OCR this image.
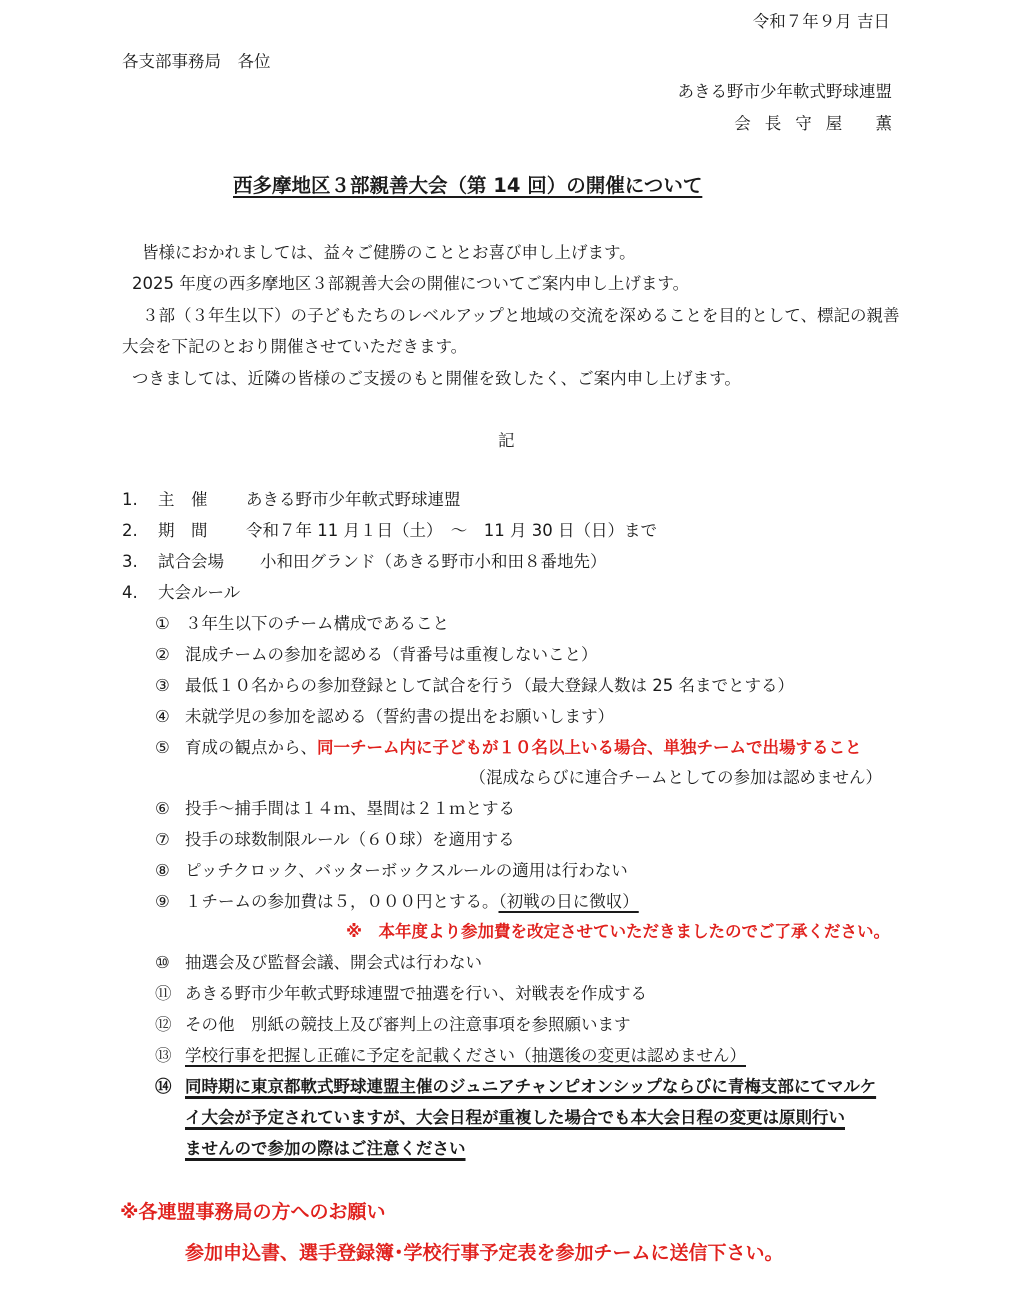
令和７年９月 吉日
各支部事務局　各位
あきる野市少年軟式野球連盟
会長守屋 薫
西多摩地区３部親善大会（第 14 回）の開催について
皆様におかれましては、益々ご健勝のこととお喜び申し上げます。
2025 年度の西多摩地区３部親善大会の開催についてご案内申し上げます。
３部（３年生以下）の子どもたちのレベルアップと地域の交流を深めることを目的として、標記の親善
大会を下記のとおり開催させていただきます。
つきましては、近隣の皆様のご支援のもと開催を致したく、ご案内申し上げます。
記
1. 主　催 あきる野市少年軟式野球連盟
2. 期　間 令和７年 11 月１日（土）　～　11 月 30 日（日）まで
3. 試合会場 小和田グランド（あきる野市小和田８番地先）
4. 大会ルール
① ３年生以下のチーム構成であること
② 混成チームの参加を認める（背番号は重複しないこと）
③ 最低１０名からの参加登録として試合を行う（最大登録人数は 25 名までとする）
④ 未就学児の参加を認める（誓約書の提出をお願いします）
⑤ 育成の観点から、同一チーム内に子どもが１０名以上いる場合、単独チームで出場すること
（混成ならびに連合チームとしての参加は認めません）
⑥ 投手～捕手間は１４ｍ、塁間は２１ｍとする
⑦ 投手の球数制限ルール（６０球）を適用する
⑧ ピッチクロック、バッターボックスルールの適用は行わない
⑨ １チームの参加費は５，０００円とする。（初戦の日に徴収）
※　本年度より参加費を改定させていただきましたのでご了承ください。
⑩ 抽選会及び監督会議、開会式は行わない
⑪ あきる野市少年軟式野球連盟で抽選を行い、対戦表を作成する
⑫ その他　別紙の競技上及び審判上の注意事項を参照願います
⑬ 学校行事を把握し正確に予定を記載ください（抽選後の変更は認めません）
⑭ 同時期に東京都軟式野球連盟主催のジュニアチャンピオンシップならびに青梅支部にてマルケ
イ大会が予定されていますが、大会日程が重複した場合でも本大会日程の変更は原則行い
ませんので参加の際はご注意ください
※各連盟事務局の方へのお願い
参加申込書、選手登録簿･学校行事予定表を参加チームに送信下さい。
